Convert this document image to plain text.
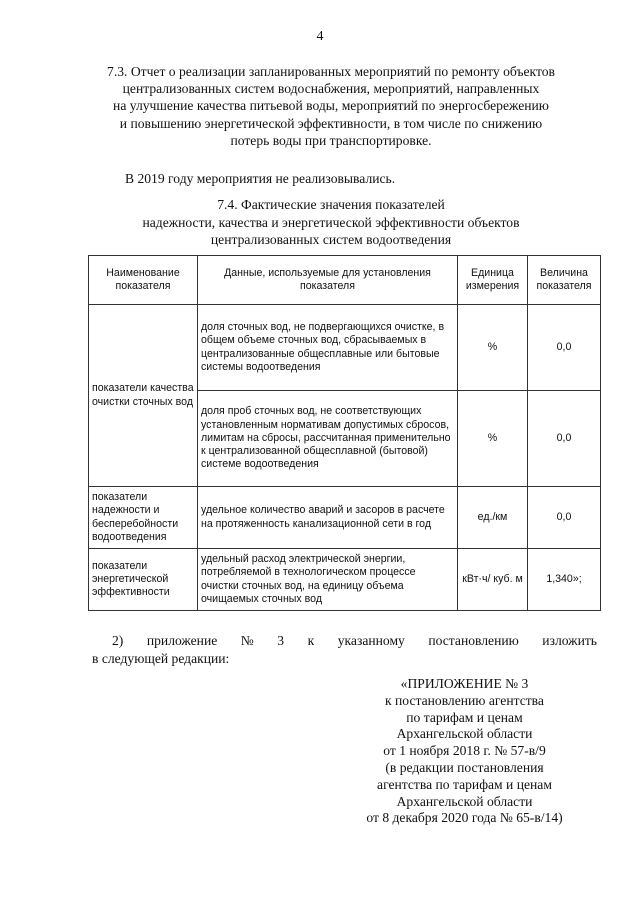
4
7.3. Отчет о реализации запланированных мероприятий по ремонту объектов
централизованных систем водоснабжения, мероприятий, направленных
на улучшение качества питьевой воды, мероприятий по энергосбережению
и повышению энергетической эффективности, в том числе по снижению
потерь воды при транспортировке.
В 2019 году мероприятия не реализовывались.
7.4. Фактические значения показателей
надежности, качества и энергетической эффективности объектов
централизованных систем водоотведения
Наименование показателя	Данные, используемые для установления показателя	Единица измерения	Величина показателя
показатели качества очистки сточных вод	доля сточных вод, не подвергающихся очистке, в общем объеме сточных вод, сбрасываемых в централизованные общесплавные или бытовые системы водоотведения	%	0,0
	доля проб сточных вод, не соответствующих установленным нормативам допустимых сбросов, лимитам на сбросы, рассчитанная применительно к централизованной общесплавной (бытовой) системе водоотведения	%	0,0
показатели надежности и бесперебойности водоотведения	удельное количество аварий и засоров в расчете на протяженность канализационной сети в год	ед./км	0,0
показатели энергетической эффективности	удельный расход электрической энергии, потребляемой в технологическом процессе очистки сточных вод, на единицу объема очищаемых сточных вод	кВт·ч/ куб. м	1,340»;
2) приложение № 3 к указанному постановлению изложить
в следующей редакции:
«ПРИЛОЖЕНИЕ № 3
к постановлению агентства
по тарифам и ценам
Архангельской области
от 1 ноября 2018 г. № 57-в/9
(в редакции постановления
агентства по тарифам и ценам
Архангельской области
от 8 декабря 2020 года № 65-в/14)
